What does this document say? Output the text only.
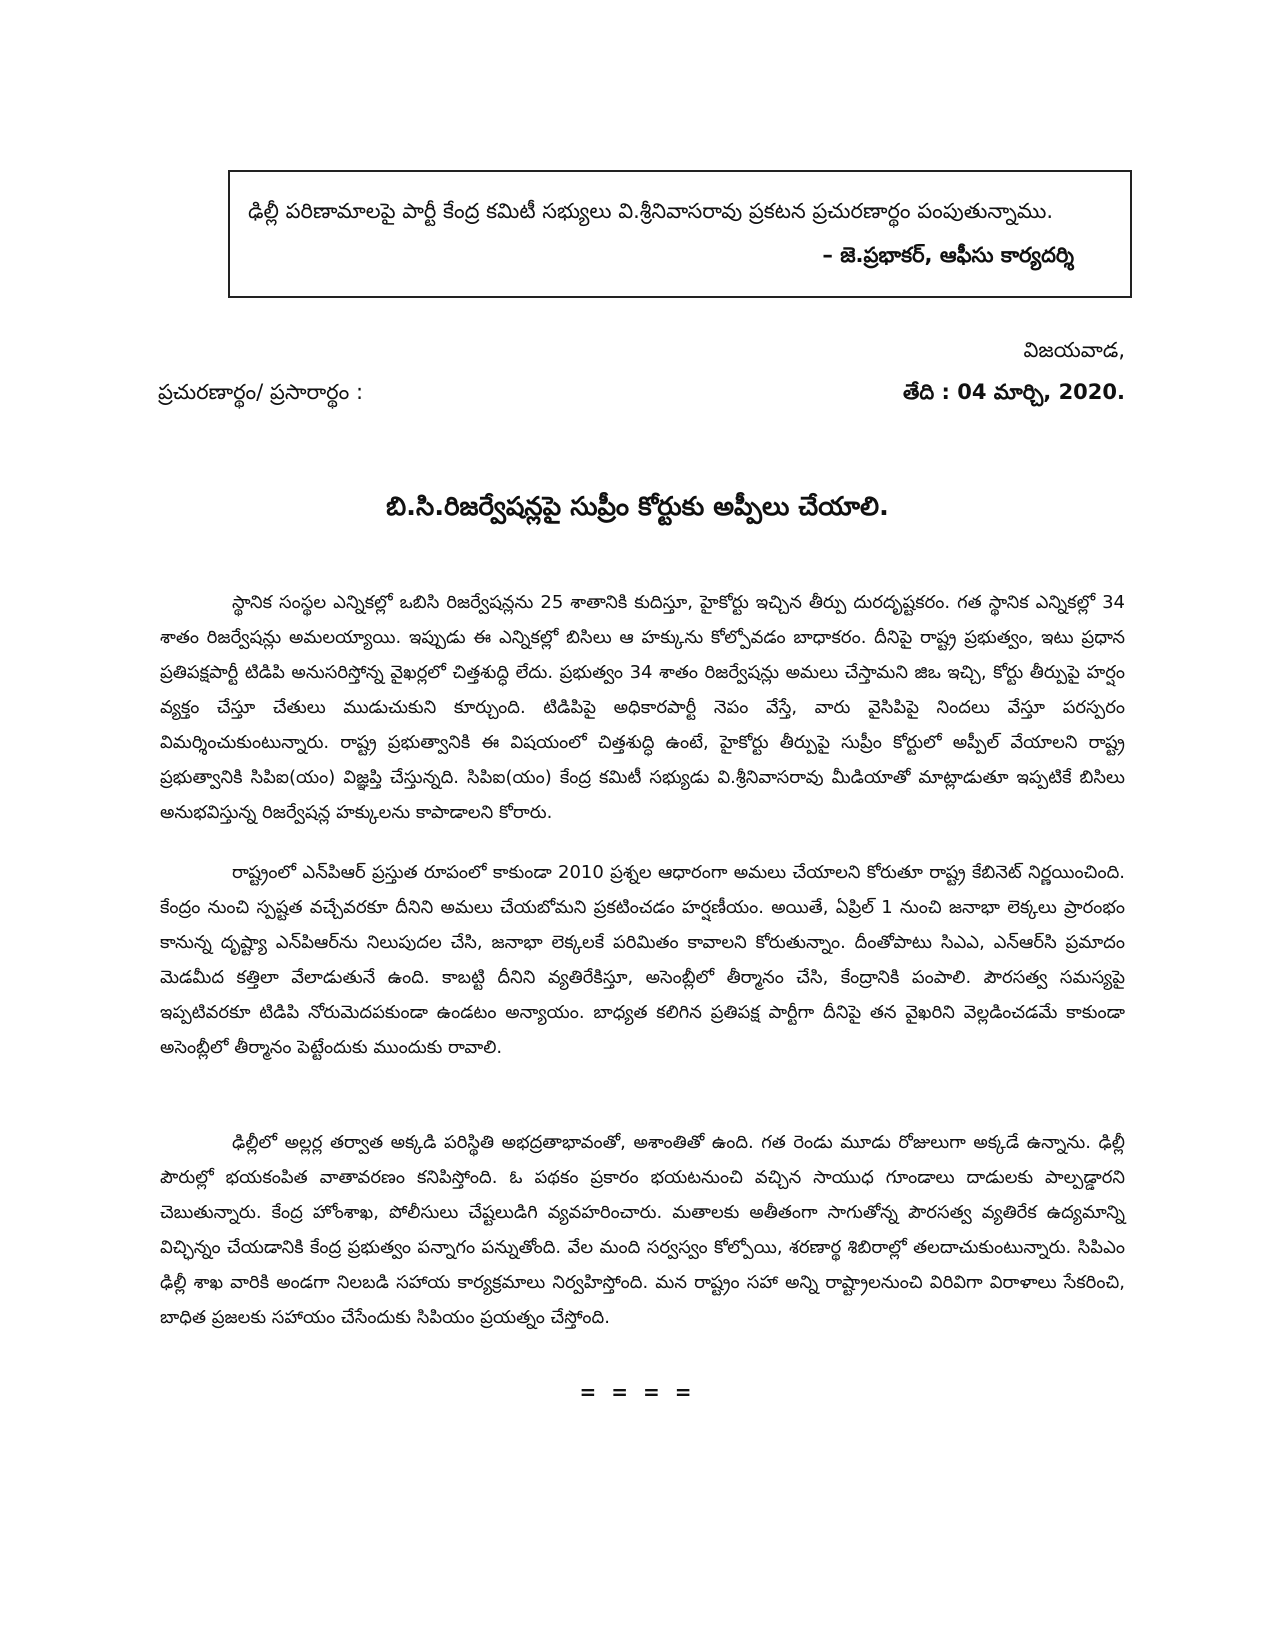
ఢిల్లీ పరిణామాలపై పార్టీ కేంద్ర కమిటీ సభ్యులు వి.శ్రీనివాసరావు ప్రకటన ప్రచురణార్థం పంపుతున్నాము.
– జె.ప్రభాకర్, ఆఫీసు కార్యదర్శి
విజయవాడ,
ప్రచురణార్థం/ ప్రసారార్థం :	తేది : 04 మార్చి, 2020.
బి.సి.రిజర్వేషన్లపై సుప్రీం కోర్టుకు అప్పీలు చేయాలి.

స్థానిక సంస్థల ఎన్నికల్లో ఒబిసి రిజర్వేషన్లను 25 శాతానికి కుదిస్తూ, హైకోర్టు ఇచ్చిన తీర్పు దురదృష్టకరం. గత స్థానిక ఎన్నికల్లో 34 శాతం రిజర్వేషన్లు అమలయ్యాయి. ఇప్పుడు ఈ ఎన్నికల్లో బిసిలు ఆ హక్కును కోల్పోవడం బాధాకరం. దీనిపై రాష్ట్ర ప్రభుత్వం, ఇటు ప్రధాన ప్రతిపక్షపార్టీ టిడిపి అనుసరిస్తోన్న వైఖర్లలో చిత్తశుద్ధి లేదు. ప్రభుత్వం 34 శాతం రిజర్వేషన్లు అమలు చేస్తామని జిఒ ఇచ్చి, కోర్టు తీర్పుపై హర్షం వ్యక్తం చేస్తూ చేతులు ముడుచుకుని కూర్చుంది. టిడిపిపై అధికారపార్టీ నెపం వేస్తే, వారు వైసిపిపై నిందలు వేస్తూ పరస్పరం విమర్శించుకుంటున్నారు. రాష్ట్ర ప్రభుత్వానికి ఈ విషయంలో చిత్తశుద్ధి ఉంటే, హైకోర్టు తీర్పుపై సుప్రీం కోర్టులో అప్పీల్ వేయాలని రాష్ట్ర ప్రభుత్వానికి సిపిఐ(యం) విజ్ఞప్తి చేస్తున్నది. సిపిఐ(యం) కేంద్ర కమిటీ సభ్యుడు వి.శ్రీనివాసరావు మీడియాతో మాట్లాడుతూ ఇప్పటికే బిసిలు అనుభవిస్తున్న రిజర్వేషన్ల హక్కులను కాపాడాలని కోరారు.

రాష్ట్రంలో ఎన్‌పిఆర్ ప్రస్తుత రూపంలో కాకుండా 2010 ప్రశ్నల ఆధారంగా అమలు చేయాలని కోరుతూ రాష్ట్ర కేబినెట్ నిర్ణయించింది. కేంద్రం నుంచి స్పష్టత వచ్చేవరకూ దీనిని అమలు చేయబోమని ప్రకటించడం హర్షణీయం. అయితే, ఏప్రిల్ 1 నుంచి జనాభా లెక్కలు ప్రారంభం కానున్న దృష్ట్యా ఎన్‌పిఆర్‌ను నిలుపుదల చేసి, జనాభా లెక్కలకే పరిమితం కావాలని కోరుతున్నాం. దీంతోపాటు సిఎఎ, ఎన్‌ఆర్‌సి ప్రమాదం మెడమీద కత్తిలా వేలాడుతునే ఉంది. కాబట్టి దీనిని వ్యతిరేకిస్తూ, అసెంబ్లీలో తీర్మానం చేసి, కేంద్రానికి పంపాలి. పౌరసత్వ సమస్యపై ఇప్పటివరకూ టిడిపి నోరుమెదపకుండా ఉండటం అన్యాయం. బాధ్యత కలిగిన ప్రతిపక్ష పార్టీగా దీనిపై తన వైఖరిని వెల్లడించడమే కాకుండా అసెంబ్లీలో తీర్మానం పెట్టేందుకు ముందుకు రావాలి.

ఢిల్లీలో అల్లర్ల తర్వాత అక్కడి పరిస్థితి అభద్రతాభావంతో, అశాంతితో ఉంది. గత రెండు మూడు రోజులుగా అక్కడే ఉన్నాను. ఢిల్లీ పౌరుల్లో భయకంపిత వాతావరణం కనిపిస్తోంది. ఓ పథకం ప్రకారం భయటనుంచి వచ్చిన సాయుధ గూండాలు దాడులకు పాల్పడ్డారని చెబుతున్నారు. కేంద్ర హోంశాఖ, పోలీసులు చేష్టలుడిగి వ్యవహరించారు. మతాలకు అతీతంగా సాగుతోన్న పౌరసత్వ వ్యతిరేక ఉద్యమాన్ని విచ్ఛిన్నం చేయడానికి కేంద్ర ప్రభుత్వం పన్నాగం పన్నుతోంది. వేల మంది సర్వస్వం కోల్పోయి, శరణార్థ శిబిరాల్లో తలదాచుకుంటున్నారు. సిపిఎం ఢిల్లీ శాఖ వారికి అండగా నిలబడి సహాయ కార్యక్రమాలు నిర్వహిస్తోంది. మన రాష్ట్రం సహా అన్ని రాష్ట్రాలనుంచి విరివిగా విరాళాలు సేకరించి, బాధిత ప్రజలకు సహాయం చేసేందుకు సిపియం ప్రయత్నం చేస్తోంది.

= = = =
